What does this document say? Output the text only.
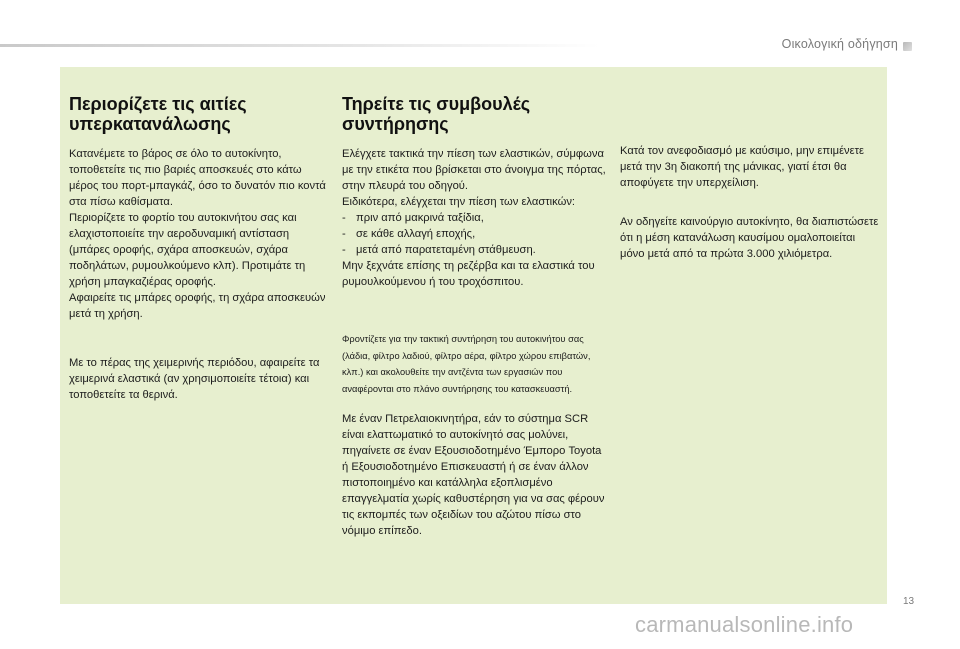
Οικολογική οδήγηση
Περιορίζετε τις αιτίες υπερκατανάλωσης

Κατανέμετε το βάρος σε όλο το αυτοκίνητο, τοποθετείτε τις πιο βαριές αποσκευές στο κάτω μέρος του πορτ-μπαγκάζ, όσο το δυνατόν πιο κοντά στα πίσω καθίσματα.

Περιορίζετε το φορτίο του αυτοκινήτου σας και ελαχιστοποιείτε την αεροδυναμική αντίσταση (μπάρες οροφής, σχάρα αποσκευών, σχάρα ποδηλάτων, ρυμουλκούμενο κλπ). Προτιμάτε τη χρήση μπαγκαζιέρας οροφής.

Αφαιρείτε τις μπάρες οροφής, τη σχάρα αποσκευών μετά τη χρήση.

Με το πέρας της χειμερινής περιόδου, αφαιρείτε τα χειμερινά ελαστικά (αν χρησιμοποιείτε τέτοια) και τοποθετείτε τα θερινά.

Τηρείτε τις συμβουλές συντήρησης

Ελέγχετε τακτικά την πίεση των ελαστικών, σύμφωνα με την ετικέτα που βρίσκεται στο άνοιγμα της πόρτας, στην πλευρά του οδηγού.

Ειδικότερα, ελέγχεται την πίεση των ελαστικών:

- πριν από μακρινά ταξίδια,
- σε κάθε αλλαγή εποχής,
- μετά από παρατεταμένη στάθμευση.

Μην ξεχνάτε επίσης τη ρεζέρβα και τα ελαστικά του ρυμουλκούμενου ή του τροχόσπιτου.

Φροντίζετε για την τακτική συντήρηση του αυτοκινήτου σας (λάδια, φίλτρο λαδιού, φίλτρο αέρα, φίλτρο χώρου επιβατών, κλπ.) και ακολουθείτε την αντζέντα των εργασιών που αναφέρονται στο πλάνο συντήρησης του κατασκευαστή.

Με έναν Πετρελαιοκινητήρα, εάν το σύστημα SCR είναι ελαττωματικό το αυτοκίνητό σας μολύνει, πηγαίνετε σε έναν Εξουσιοδοτημένο Έμπορο Toyota ή Εξουσιοδοτημένο Επισκευαστή ή σε έναν άλλον πιστοποιημένο και κατάλληλα εξοπλισμένο επαγγελματία χωρίς καθυστέρηση για να σας φέρουν τις εκπομπές των οξειδίων του αζώτου πίσω στο νόμιμο επίπεδο.

Κατά τον ανεφοδιασμό με καύσιμο, μην επιμένετε μετά την 3η διακοπή της μάνικας, γιατί έτσι θα αποφύγετε την υπερχείλιση.

Αν οδηγείτε καινούργιο αυτοκίνητο, θα διαπιστώσετε ότι η μέση κατανάλωση καυσίμου ομαλοποιείται μόνο μετά από τα πρώτα 3.000 χιλιόμετρα.

13
carmanualsonline.info
